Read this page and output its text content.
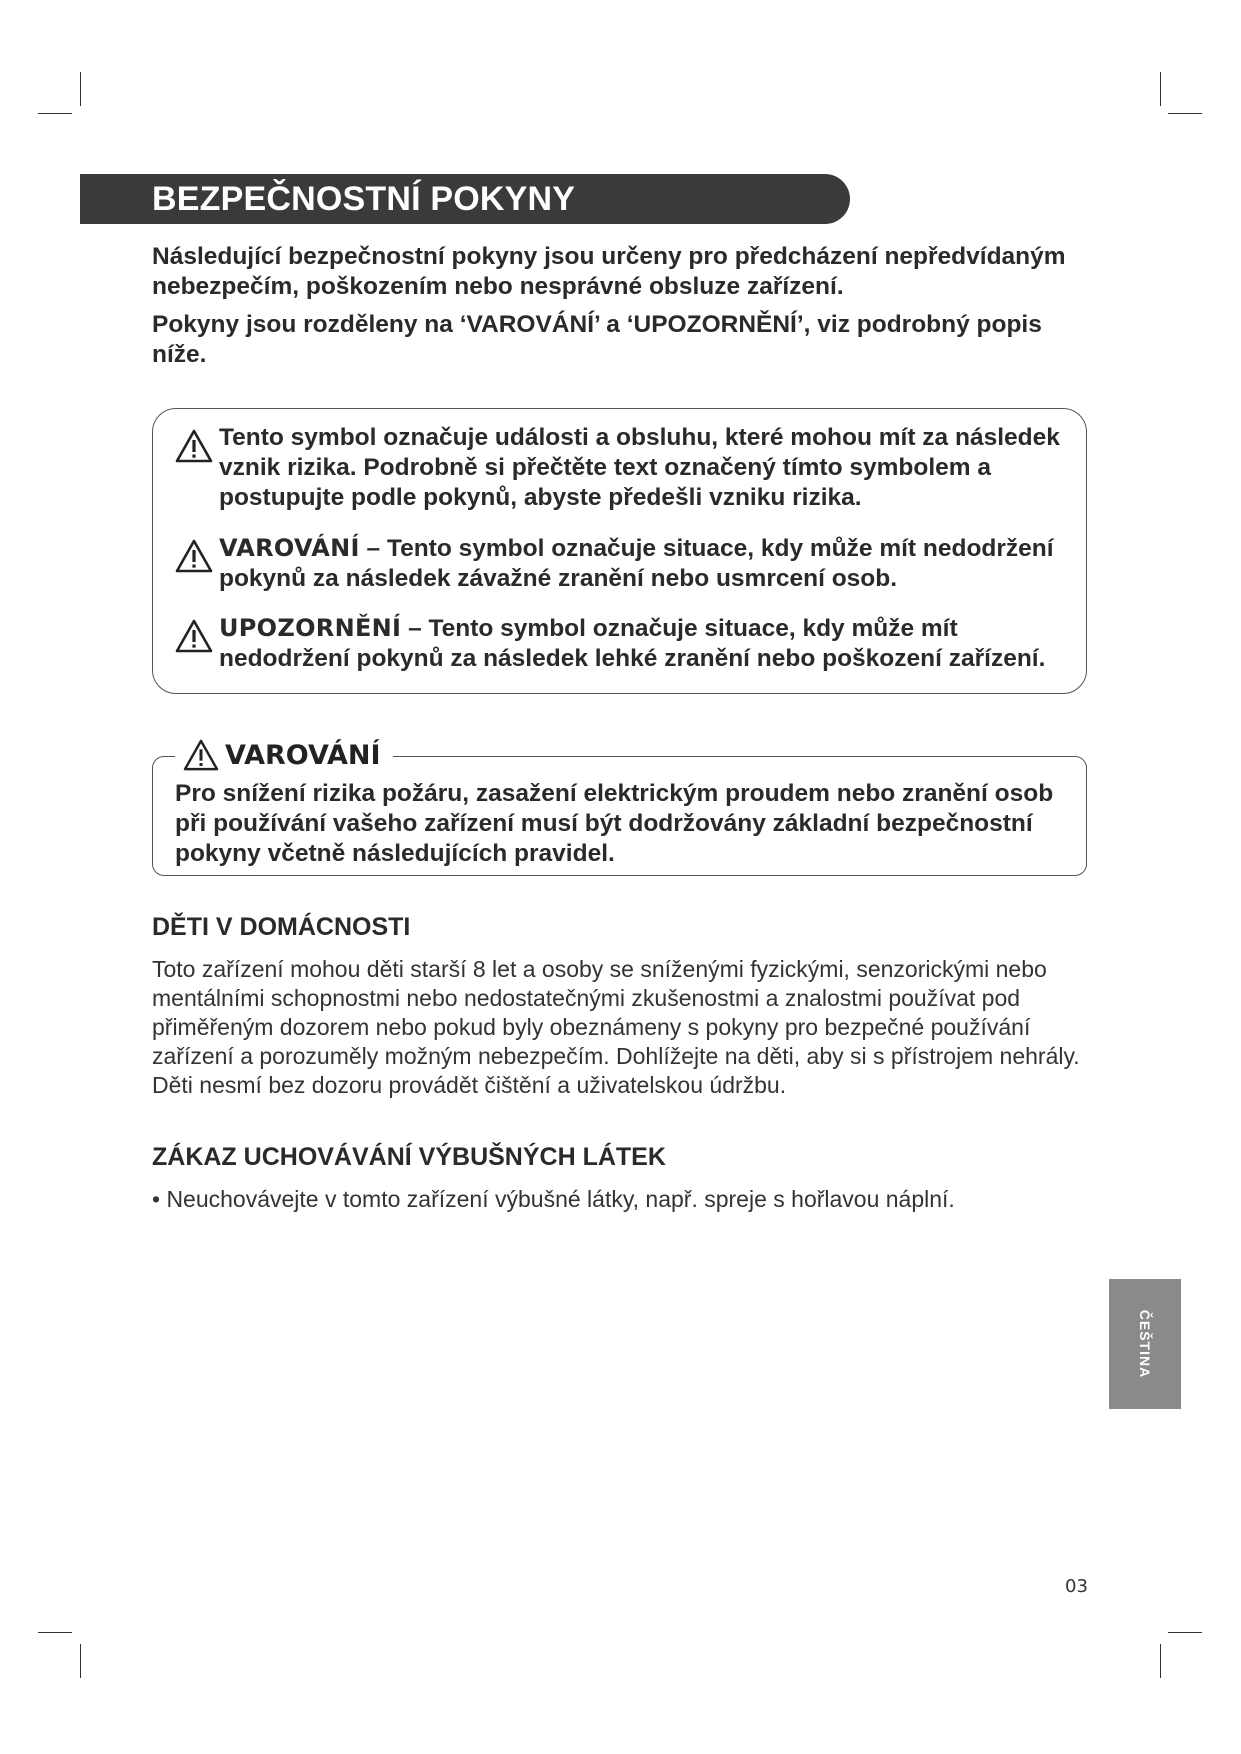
BEZPEČNOSTNÍ POKYNY

Následující bezpečnostní pokyny jsou určeny pro předcházení nepředvídaným nebezpečím, poškozením nebo nesprávné obsluze zařízení.

Pokyny jsou rozděleny na ‘VAROVÁNÍ’ a ‘UPOZORNĚNÍ’, viz podrobný popis níže.

Tento symbol označuje události a obsluhu, které mohou mít za následek vznik rizika. Podrobně si přečtěte text označený tímto symbolem a postupujte podle pokynů, abyste předešli vzniku rizika.
VAROVÁNÍ – Tento symbol označuje situace, kdy může mít nedodržení pokynů za následek závažné zranění nebo usmrcení osob.
UPOZORNĚNÍ – Tento symbol označuje situace, kdy může mít nedodržení pokynů za následek lehké zranění nebo poškození zařízení.
VAROVÁNÍ
Pro snížení rizika požáru, zasažení elektrickým proudem nebo zranění osob při používání vašeho zařízení musí být dodržovány základní bezpečnostní pokyny včetně následujících pravidel.
DĚTI V DOMÁCNOSTI
Toto zařízení mohou děti starší 8 let a osoby se sníženými fyzickými, senzorickými nebo mentálními schopnostmi nebo nedostatečnými zkušenostmi a znalostmi používat pod přiměřeným dozorem nebo pokud byly obeznámeny s pokyny pro bezpečné používání zařízení a porozuměly možným nebezpečím. Dohlížejte na děti, aby si s přístrojem nehrály. Děti nesmí bez dozoru provádět čištění a uživatelskou údržbu.
ZÁKAZ UCHOVÁVÁNÍ VÝBUŠNÝCH LÁTEK
• Neuchovávejte v tomto zařízení výbušné látky, např. spreje s hořlavou náplní.
ČEŠTINA
03
